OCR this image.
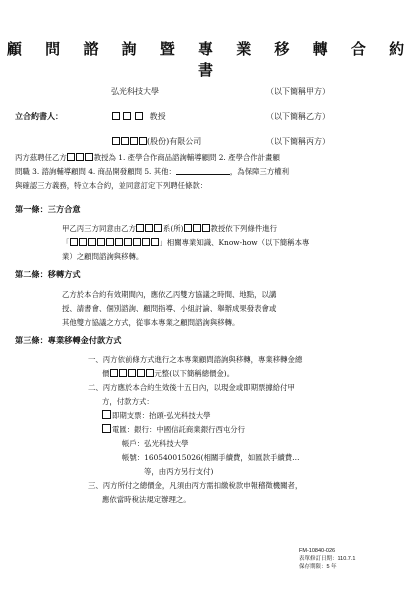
顧 問 諮 詢 暨 專 業 移 轉 合 約 書
弘光科技大學	（以下簡稱甲方）
立合約書人：	教授	（以下簡稱乙方）
(股份)有限公司	（以下簡稱丙方）
丙方茲聘任乙方	教授為 1. 產學合作商品諮詢輔導顧問 2. 產學合作計畫顧
問職 3. 諮詢輔導顧問 4. 商品開發顧問 5. 其他：	，為保障三方權利
與確認三方義務，特立本合約，並同意訂定下列聘任條款：
第一條：三方合意
甲乙丙三方同意由乙方	系(所)	教授依下列條件進行
「	」相關專業知識、Know-how（以下簡稱本專
業）之顧問諮詢與移轉。
第二條：移轉方式
乙方於本合約有效期間內，應依乙丙雙方協議之時間、地點，以講
授、請書會、個別諮詢、顧問指導、小組討論、舉辦成果發表會或
其他雙方協議之方式，從事本專業之顧問諮詢與移轉。
第三條：專業移轉金付款方式
一、丙方依前條方式進行之本專業顧問諮詢與移轉，專業移轉金總
價	元整(以下簡稱總價金)。
二、丙方應於本合約生效後十五日內，以現金或即期票據給付甲
方，付款方式：
即期支票：抬頭-弘光科技大學
電匯：銀行：中國信託商業銀行西屯分行
帳戶：弘光科技大學
帳號：160540015026(相關手續費，如匯款手續費…
等，由丙方另行支付)
三、丙方所付之總價金，凡須由丙方需扣繳稅款申報稽徵機關者，
應依當時稅法規定辦理之。
FM-10840-026
表單修訂日期：110.7.1
保存期限：5 年
